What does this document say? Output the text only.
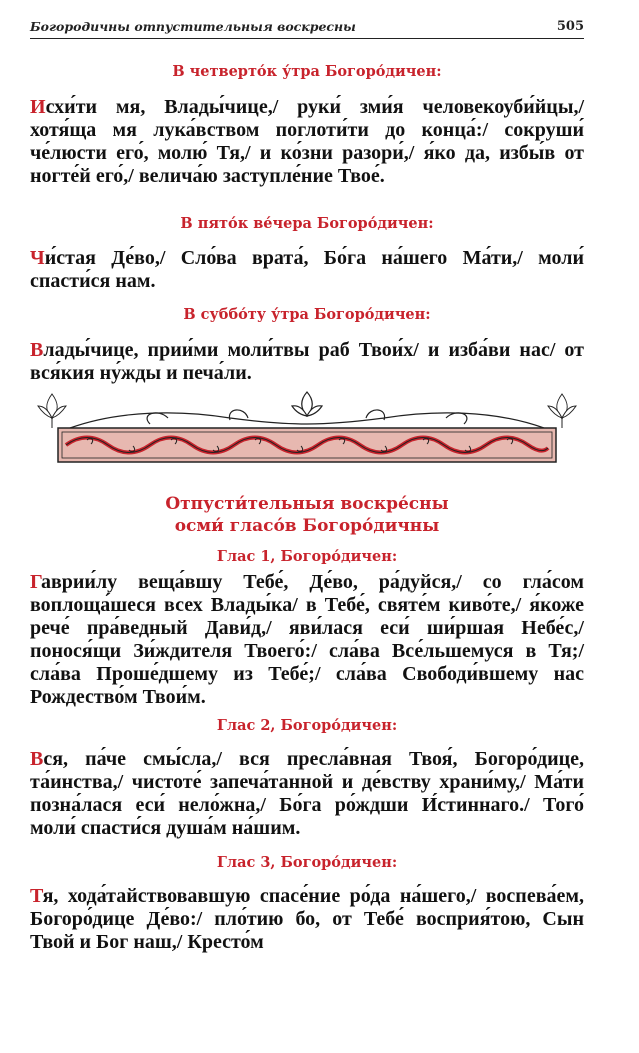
Богородичны отпустительныя воскресны	505
В четверто́к у́тра Богоро́дичен:
Исхи́ти мя, Влады́чице,/ руки́ зми́я человекоуби́йцы,/ хотя́ща мя лука́вством поглоти́ти до конца́:/ сокруши́ че́люсти его́, молю́ Тя,/ и ко́зни разори́,/ я́ко да, избы́в от ногте́й его́,/ велича́ю заступле́ние Твое́.
В пято́к ве́чера Богоро́дичен:
Чи́стая Де́во,/ Сло́ва врата́, Бо́га на́шего Ма́ти,/ моли́ спасти́ся нам.
В суббо́ту у́тра Богоро́дичен:
Влады́чице, прии́ми моли́твы раб Твои́х/ и изба́ви нас/ от вся́кия ну́жды и печа́ли.
Отпусти́тельныя воскре́сны
осми́ гласо́в Богоро́дичны
Глас 1, Богоро́дичен:
Гаврии́лу веща́вшу Тебе́, Де́во, ра́дуйся,/ со гла́сом воплоща́шеся всех Влады́ка/ в Тебе́, святе́м киво́те,/ я́коже рече́ пра́ведный Дави́д,/ яви́лася еси́ ши́ршая Небе́с,/ понося́щи Зи́ждителя Твоего́:/ сла́ва Все́льшемуся в Тя;/ сла́ва Проше́дшему из Тебе́;/ сла́ва Свободи́вшему нас Рождество́м Твои́м.
Глас 2, Богоро́дичен:
Вся, па́че смы́сла,/ вся пресла́вная Твоя́, Богоро́дице, та́инства,/ чистоте́ запеча́танной и де́вству храни́му,/ Ма́ти позна́лася еси́ нело́жна,/ Бо́га ро́ждши И́стиннаго./ Того́ моли́ спасти́ся душа́м на́шим.
Глас 3, Богоро́дичен:
Тя, хода́тайствовавшую спасе́ние ро́да на́шего,/ воспева́ем, Богоро́дице Де́во:/ пло́тию бо, от Тебе́ восприя́тою, Сын Твой и Бог наш,/ Кресто́м
